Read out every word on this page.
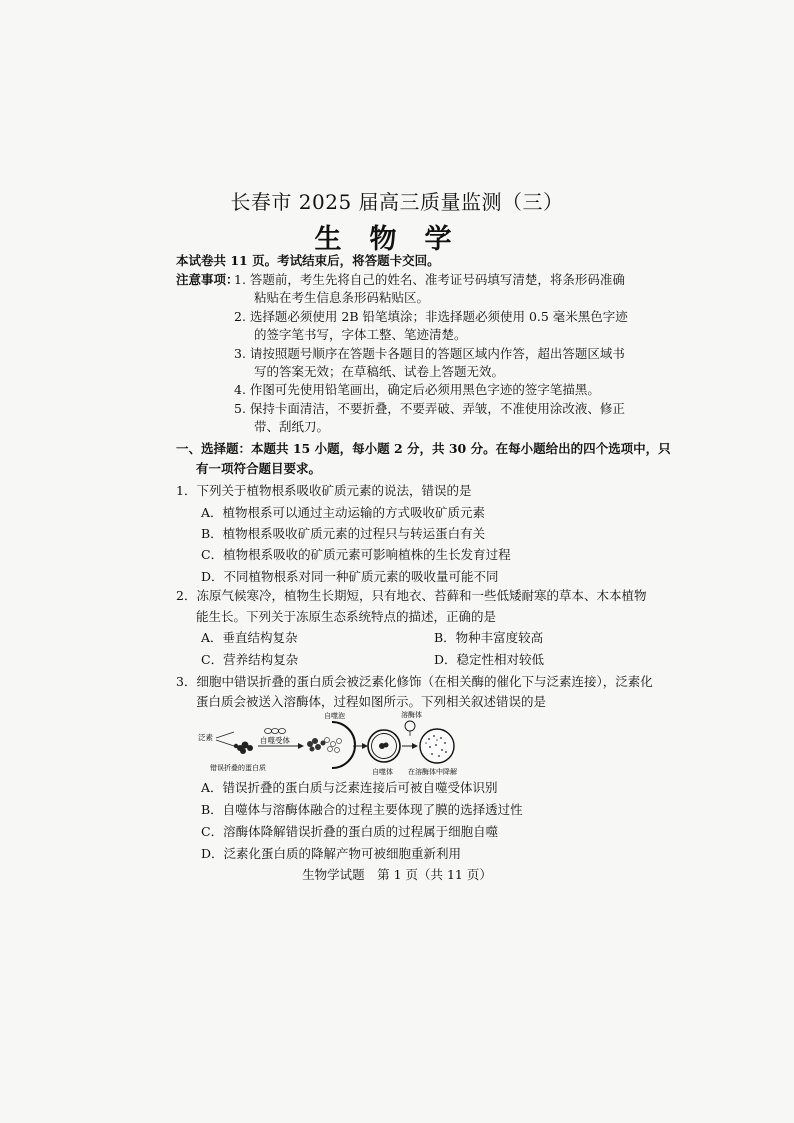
长春市 2025 届高三质量监测（三）
生物学
本试卷共 11 页。考试结束后，将答题卡交回。
注意事项：
1. 答题前，考生先将自己的姓名、准考证号码填写清楚，将条形码准确
粘贴在考生信息条形码粘贴区。
2. 选择题必须使用 2B 铅笔填涂；非选择题必须使用 0.5 毫米黑色字迹
的签字笔书写，字体工整、笔迹清楚。
3. 请按照题号顺序在答题卡各题目的答题区域内作答，超出答题区域书
写的答案无效；在草稿纸、试卷上答题无效。
4. 作图可先使用铅笔画出，确定后必须用黑色字迹的签字笔描黑。
5. 保持卡面清洁，不要折叠，不要弄破、弄皱，不准使用涂改液、修正
带、刮纸刀。
一、选择题：本题共 15 小题，每小题 2 分，共 30 分。在每小题给出的四个选项中，只
有一项符合题目要求。
1．下列关于植物根系吸收矿质元素的说法，错误的是
A．植物根系可以通过主动运输的方式吸收矿质元素
B．植物根系吸收矿质元素的过程只与转运蛋白有关
C．植物根系吸收的矿质元素可影响植株的生长发育过程
D．不同植物根系对同一种矿质元素的吸收量可能不同
2．冻原气候寒冷，植物生长期短，只有地衣、苔藓和一些低矮耐寒的草本、木本植物
能生长。下列关于冻原生态系统特点的描述，正确的是
A．垂直结构复杂	B．物种丰富度较高
C．营养结构复杂	D．稳定性相对较低
3．细胞中错误折叠的蛋白质会被泛素化修饰（在相关酶的催化下与泛素连接），泛素化
蛋白质会被送入溶酶体，过程如图所示。下列相关叙述错误的是
泛素
错误折叠的蛋白质
自噬受体
自噬泡
自噬体
溶酶体
在溶酶体中降解
A．错误折叠的蛋白质与泛素连接后可被自噬受体识别
B．自噬体与溶酶体融合的过程主要体现了膜的选择透过性
C．溶酶体降解错误折叠的蛋白质的过程属于细胞自噬
D．泛素化蛋白质的降解产物可被细胞重新利用
生物学试题　第 1 页（共 11 页）
